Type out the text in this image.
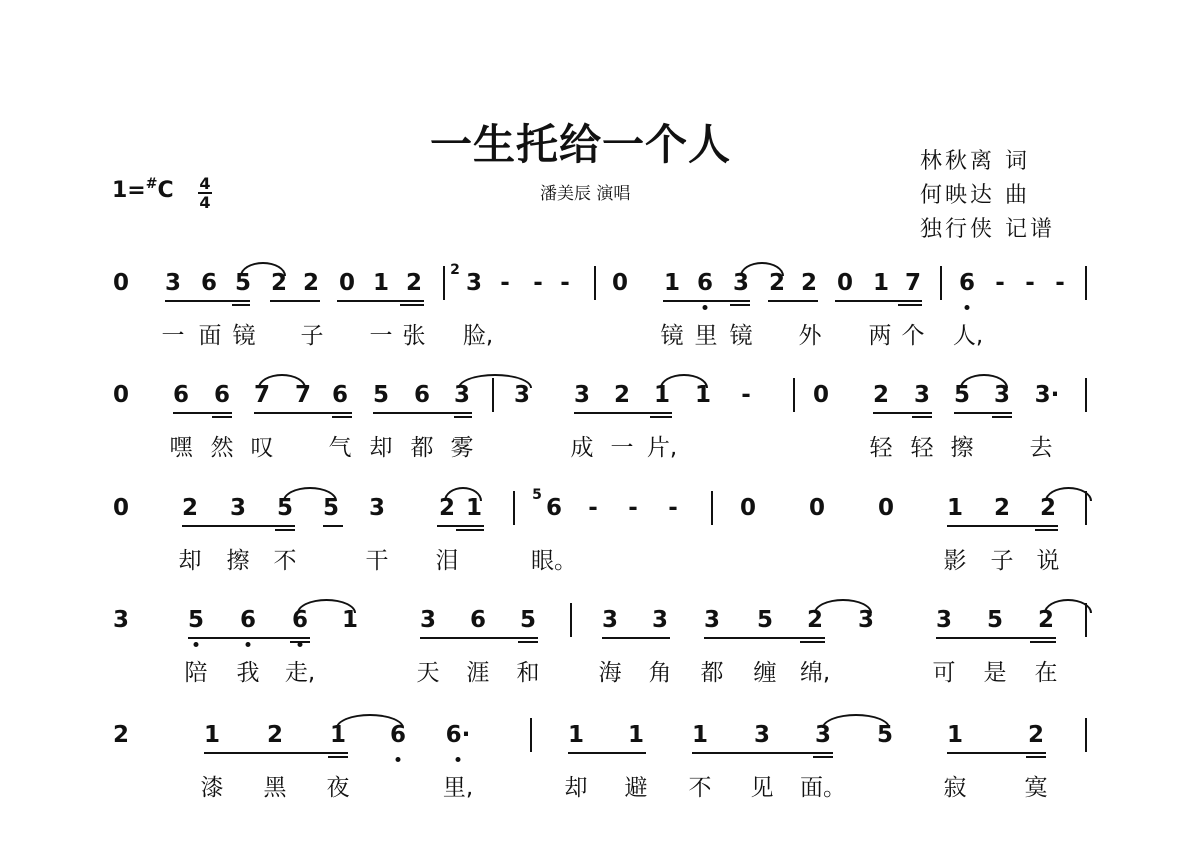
一生托给一个人
潘美辰 演唱
林秋离 词
何映达 曲
独行侠 记谱
1=#C 4
4
0 3 6 5 2 2 0 1 2 3 - - - 0 1 6 3 2 2 0 1 7 6 - - -
2
一 面 镜 子 一 张 脸,	镜 里 镜 外 两 个 人,
0 6 6 7 7 6 5 6 3 3 3 2 1 1 -	0 2 3 5 3 3·
嘿 然 叹 气 却 都 雾	成 一 片,	轻 轻 擦 去
0 2 3 5 5 3 2 1	6 - - -	0 0 0 1 2 2
5
却 擦 不	干 泪	眼。	影 子 说
3	5 6 6 1	3 6 5	3 3 3 5 2 3	3 5 2
陪 我 走,	天 涯 和	海 角 都 缠 绵,	可 是 在
2	1 2 1 6 6·	1 1 1 3 3 5 1	2
漆 黑 夜	里,	却 避 不 见 面。	寂	寞
